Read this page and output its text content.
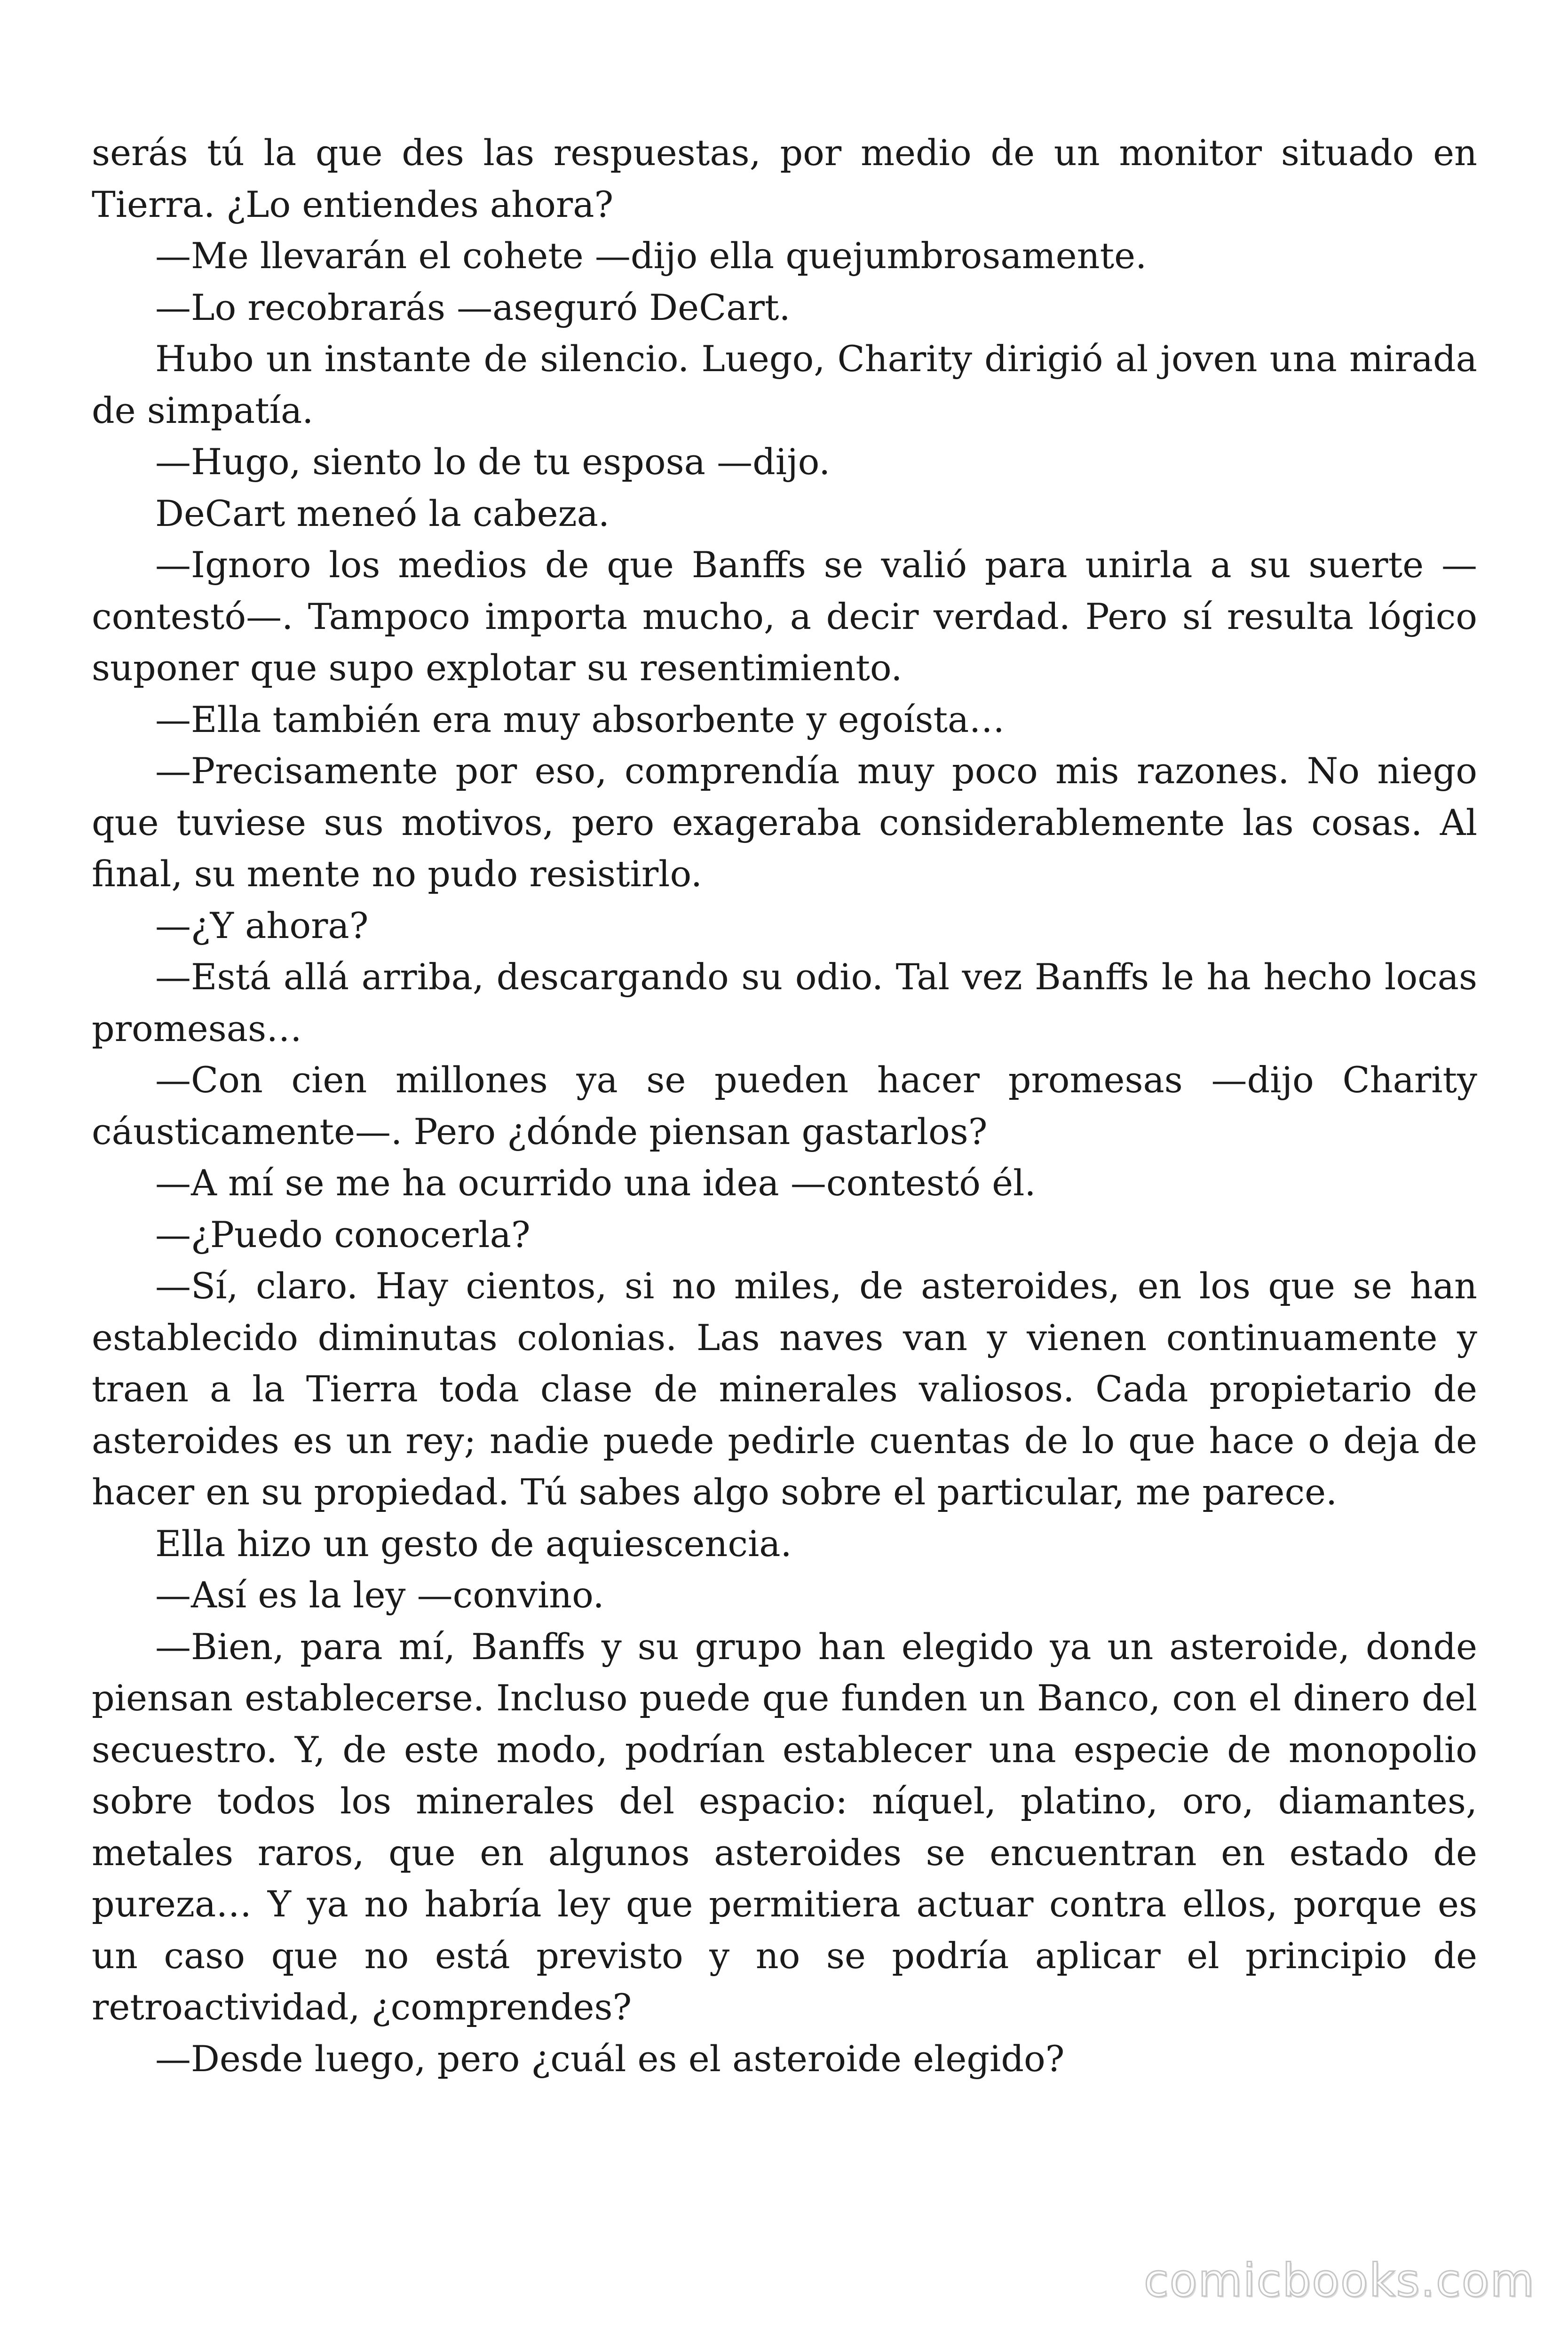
serás tú la que des las respuestas, por medio de un monitor situado en Tierra. ¿Lo entiendes ahora?

—Me llevarán el cohete —dijo ella quejumbrosamente.

—Lo recobrarás —aseguró DeCart.

Hubo un instante de silencio. Luego, Charity dirigió al joven una mirada de simpatía.

—Hugo, siento lo de tu esposa —dijo.

DeCart meneó la cabeza.

—Ignoro los medios de que Banffs se valió para unirla a su suerte —contestó—. Tampoco importa mucho, a decir verdad. Pero sí resulta lógico suponer que supo explotar su resentimiento.

—Ella también era muy absorbente y egoísta…

—Precisamente por eso, comprendía muy poco mis razones. No niego que tuviese sus motivos, pero exageraba considerablemente las cosas. Al final, su mente no pudo resistirlo.

—¿Y ahora?

—Está allá arriba, descargando su odio. Tal vez Banffs le ha hecho locas promesas…

—Con cien millones ya se pueden hacer promesas —dijo Charity cáusticamente—. Pero ¿dónde piensan gastarlos?

—A mí se me ha ocurrido una idea —contestó él.

—¿Puedo conocerla?

—Sí, claro. Hay cientos, si no miles, de asteroides, en los que se han establecido diminutas colonias. Las naves van y vienen continuamente y traen a la Tierra toda clase de minerales valiosos. Cada propietario de asteroides es un rey; nadie puede pedirle cuentas de lo que hace o deja de hacer en su propiedad. Tú sabes algo sobre el particular, me parece.

Ella hizo un gesto de aquiescencia.

—Así es la ley —convino.

—Bien, para mí, Banffs y su grupo han elegido ya un asteroide, donde piensan establecerse. Incluso puede que funden un Banco, con el dinero del secuestro. Y, de este modo, podrían establecer una especie de monopolio sobre todos los minerales del espacio: níquel, platino, oro, diamantes, metales raros, que en algunos asteroides se encuentran en estado de pureza… Y ya no habría ley que permitiera actuar contra ellos, porque es un caso que no está previsto y no se podría aplicar el principio de retroactividad, ¿comprendes?

—Desde luego, pero ¿cuál es el asteroide elegido?

comicbooks.com
